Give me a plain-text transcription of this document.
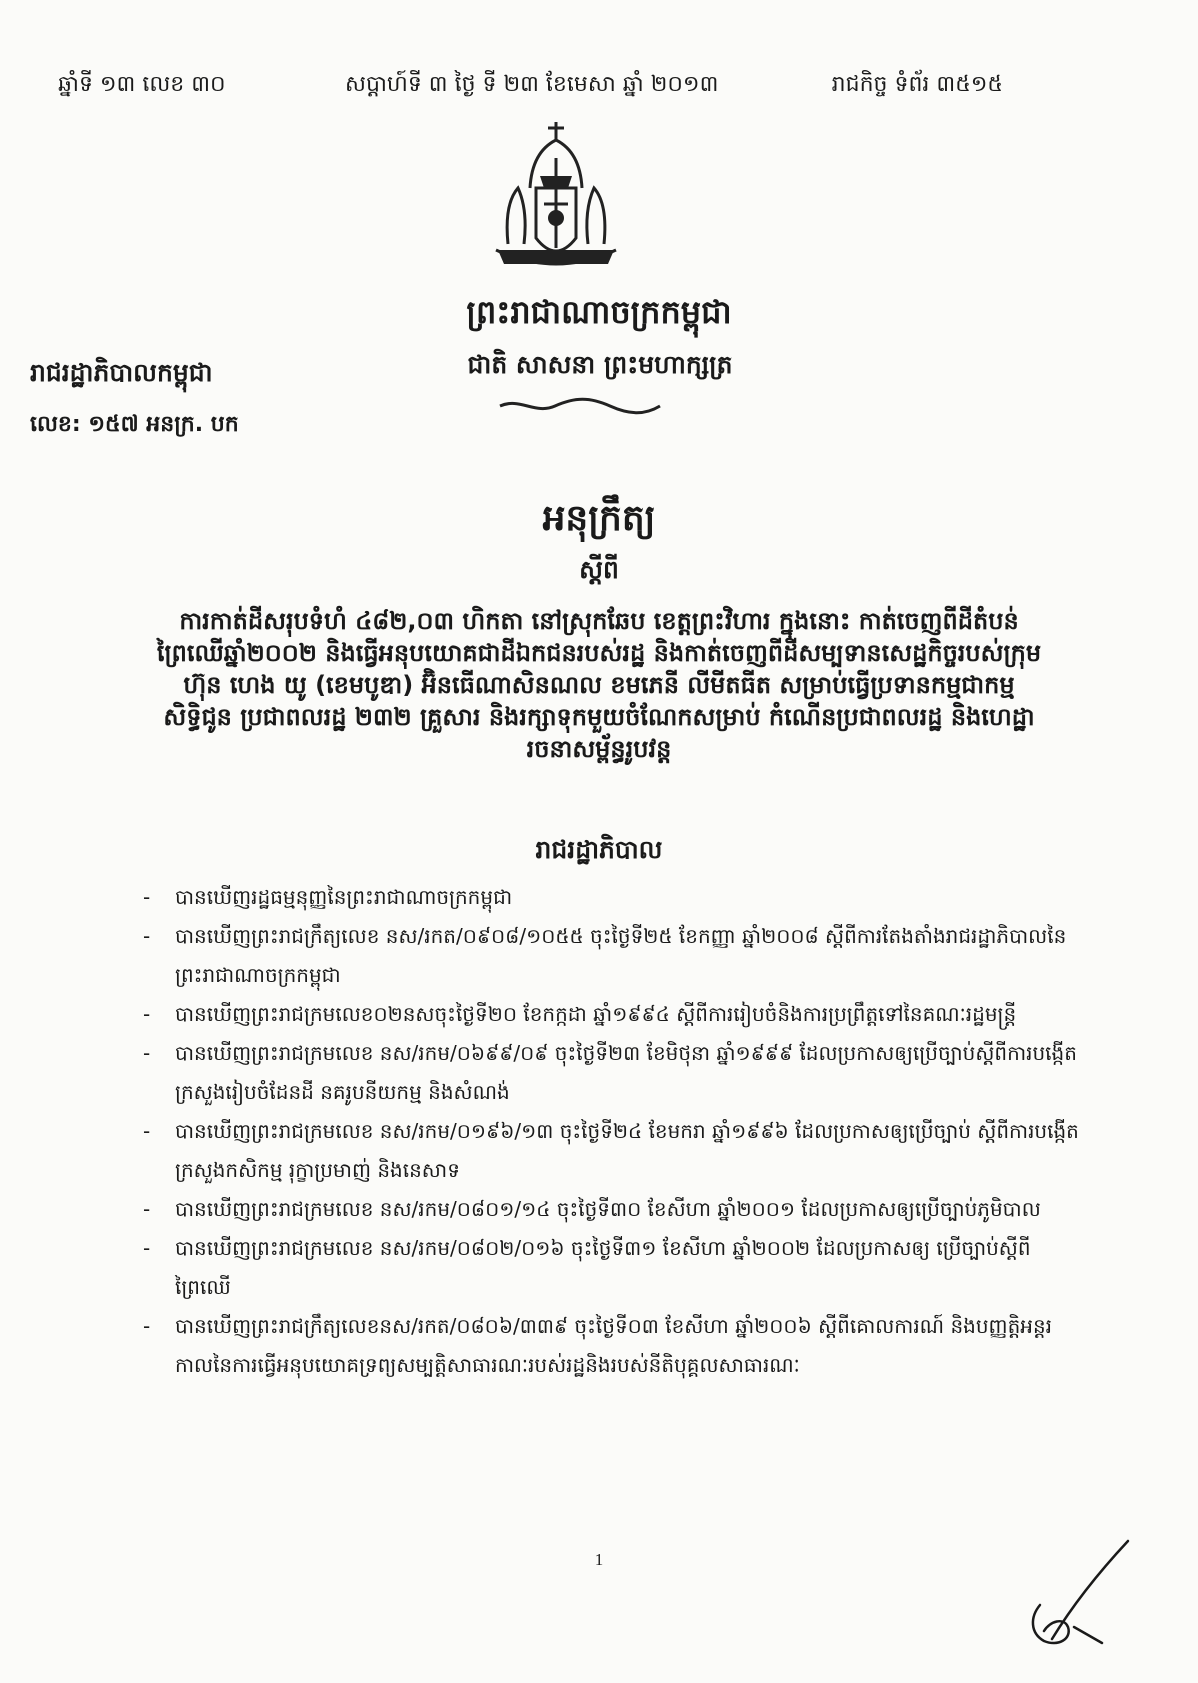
ឆ្នាំទី ១៣ លេខ ៣០	សប្តាហ៍ទី ៣ ថ្ងៃ ទី ២៣ ខែមេសា ឆ្នាំ ២០១៣	រាជកិច្ច ទំព័រ ៣៥១៥
ព្រះរាជាណាចក្រកម្ពុជា
ជាតិ សាសនា ព្រះមហាក្សត្រ
រាជរដ្ឋាភិបាលកម្ពុជា
លេខ: ១៥៧ អនក្រ. បក
អនុក្រឹត្យ
ស្តីពី
ការកាត់ដីសរុបទំហំ ៤៨២,០៣ ហិកតា នៅស្រុកឆែប ខេត្តព្រះវិហារ ក្នុងនោះ កាត់ចេញពីដីតំបន់ព្រៃឈើឆ្នាំ២០០២ និងធ្វើអនុបយោគជាដីឯកជនរបស់រដ្ឋ និងកាត់ចេញពីដីសម្បទានសេដ្ឋកិច្ចរបស់ក្រុមហ៊ុន ហេង យូ (ខេមបូឌា) អ៊ិនធើណាសិនណល ខមភេនី លីមីតធីត សម្រាប់ធ្វើប្រទានកម្មជាកម្មសិទ្ធិជូន ប្រជាពលរដ្ឋ ២៣២ គ្រួសារ និងរក្សាទុកមួយចំណែកសម្រាប់ កំណើនប្រជាពលរដ្ឋ និងហេដ្ឋារចនាសម្ព័ន្ធរូបវន្ត
រាជរដ្ឋាភិបាល
- បានឃើញរដ្ឋធម្មនុញ្ញនៃព្រះរាជាណាចក្រកម្ពុជា
- បានឃើញព្រះរាជក្រឹត្យលេខ នស/រកត/០៩០៨/១០៥៥ ចុះថ្ងៃទី២៥ ខែកញ្ញា ឆ្នាំ២០០៨ ស្តីពីការតែងតាំងរាជរដ្ឋាភិបាលនៃព្រះរាជាណាចក្រកម្ពុជា
- បានឃើញព្រះរាជក្រមលេខ០២នសចុះថ្ងៃទី២០ ខែកក្កដា ឆ្នាំ១៩៩៤ ស្តីពីការរៀបចំនិងការប្រព្រឹត្តទៅនៃគណៈរដ្ឋមន្ត្រី
- បានឃើញព្រះរាជក្រមលេខ នស/រកម/០៦៩៩/០៩ ចុះថ្ងៃទី២៣ ខែមិថុនា ឆ្នាំ១៩៩៩ ដែលប្រកាសឲ្យប្រើច្បាប់ស្តីពីការបង្កើតក្រសួងរៀបចំដែនដី នគរូបនីយកម្ម និងសំណង់
- បានឃើញព្រះរាជក្រមលេខ នស/រកម/០១៩៦/១៣ ចុះថ្ងៃទី២៤ ខែមករា ឆ្នាំ១៩៩៦ ដែលប្រកាសឲ្យប្រើច្បាប់ ស្តីពីការបង្កើតក្រសួងកសិកម្ម រុក្ខាប្រមាញ់ និងនេសាទ
- បានឃើញព្រះរាជក្រមលេខ នស/រកម/០៨០១/១៤ ចុះថ្ងៃទី៣០ ខែសីហា ឆ្នាំ២០០១ ដែលប្រកាសឲ្យប្រើច្បាប់ភូមិបាល
- បានឃើញព្រះរាជក្រមលេខ នស/រកម/០៨០២/០១៦ ចុះថ្ងៃទី៣១ ខែសីហា ឆ្នាំ២០០២ ដែលប្រកាសឲ្យ ប្រើច្បាប់ស្តីពីព្រៃឈើ
- បានឃើញព្រះរាជក្រឹត្យលេខនស/រកត/០៨០៦/៣៣៩ ចុះថ្ងៃទី០៣ ខែសីហា ឆ្នាំ២០០៦ ស្តីពីគោលការណ៍ និងបញ្ញត្តិអន្តរកាលនៃការធ្វើអនុបយោគទ្រព្យសម្បត្តិសាធារណៈរបស់រដ្ឋនិងរបស់នីតិបុគ្គលសាធារណៈ
1
